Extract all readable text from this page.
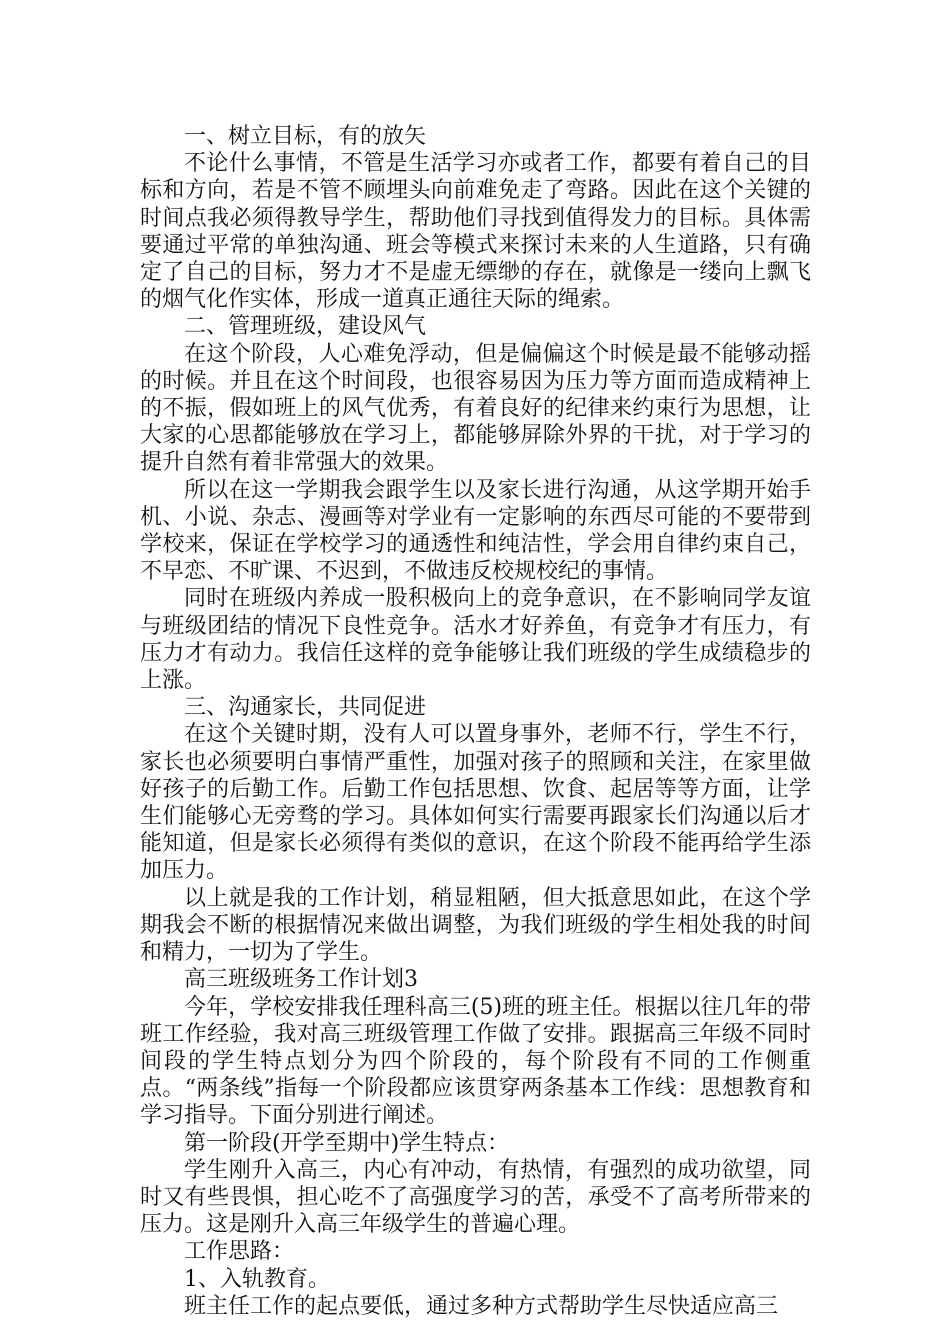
一、树立目标，有的放矢

不论什么事情，不管是生活学习亦或者工作，都要有着自己的目标和方向，若是不管不顾埋头向前难免走了弯路。因此在这个关键的时间点我必须得教导学生，帮助他们寻找到值得发力的目标。具体需要通过平常的单独沟通、班会等模式来探讨未来的人生道路，只有确定了自己的目标，努力才不是虚无缥缈的存在，就像是一缕向上飘飞的烟气化作实体，形成一道真正通往天际的绳索。

二、管理班级，建设风气

在这个阶段，人心难免浮动，但是偏偏这个时候是最不能够动摇的时候。并且在这个时间段，也很容易因为压力等方面而造成精神上的不振，假如班上的风气优秀，有着良好的纪律来约束行为思想，让大家的心思都能够放在学习上，都能够屏除外界的干扰，对于学习的提升自然有着非常强大的效果。

所以在这一学期我会跟学生以及家长进行沟通，从这学期开始手机、小说、杂志、漫画等对学业有一定影响的东西尽可能的不要带到学校来，保证在学校学习的通透性和纯洁性，学会用自律约束自己，不早恋、不旷课、不迟到，不做违反校规校纪的事情。

同时在班级内养成一股积极向上的竞争意识，在不影响同学友谊与班级团结的情况下良性竞争。活水才好养鱼，有竞争才有压力，有压力才有动力。我信任这样的竞争能够让我们班级的学生成绩稳步的上涨。

三、沟通家长，共同促进

在这个关键时期，没有人可以置身事外，老师不行，学生不行，家长也必须要明白事情严重性，加强对孩子的照顾和关注，在家里做好孩子的后勤工作。后勤工作包括思想、饮食、起居等等方面，让学生们能够心无旁骛的学习。具体如何实行需要再跟家长们沟通以后才能知道，但是家长必须得有类似的意识，在这个阶段不能再给学生添加压力。

以上就是我的工作计划，稍显粗陋，但大抵意思如此，在这个学期我会不断的根据情况来做出调整，为我们班级的学生相处我的时间和精力，一切为了学生。

高三班级班务工作计划3

今年，学校安排我任理科高三(5)班的班主任。根据以往几年的带班工作经验，我对高三班级管理工作做了安排。跟据高三年级不同时间段的学生特点划分为四个阶段的，每个阶段有不同的工作侧重点。“两条线”指每一个阶段都应该贯穿两条基本工作线：思想教育和学习指导。下面分别进行阐述。

第一阶段(开学至期中)学生特点：

学生刚升入高三，内心有冲动，有热情，有强烈的成功欲望，同时又有些畏惧，担心吃不了高强度学习的苦，承受不了高考所带来的压力。这是刚升入高三年级学生的普遍心理。

工作思路：

1、入轨教育。

班主任工作的起点要低，通过多种方式帮助学生尽快适应高三
